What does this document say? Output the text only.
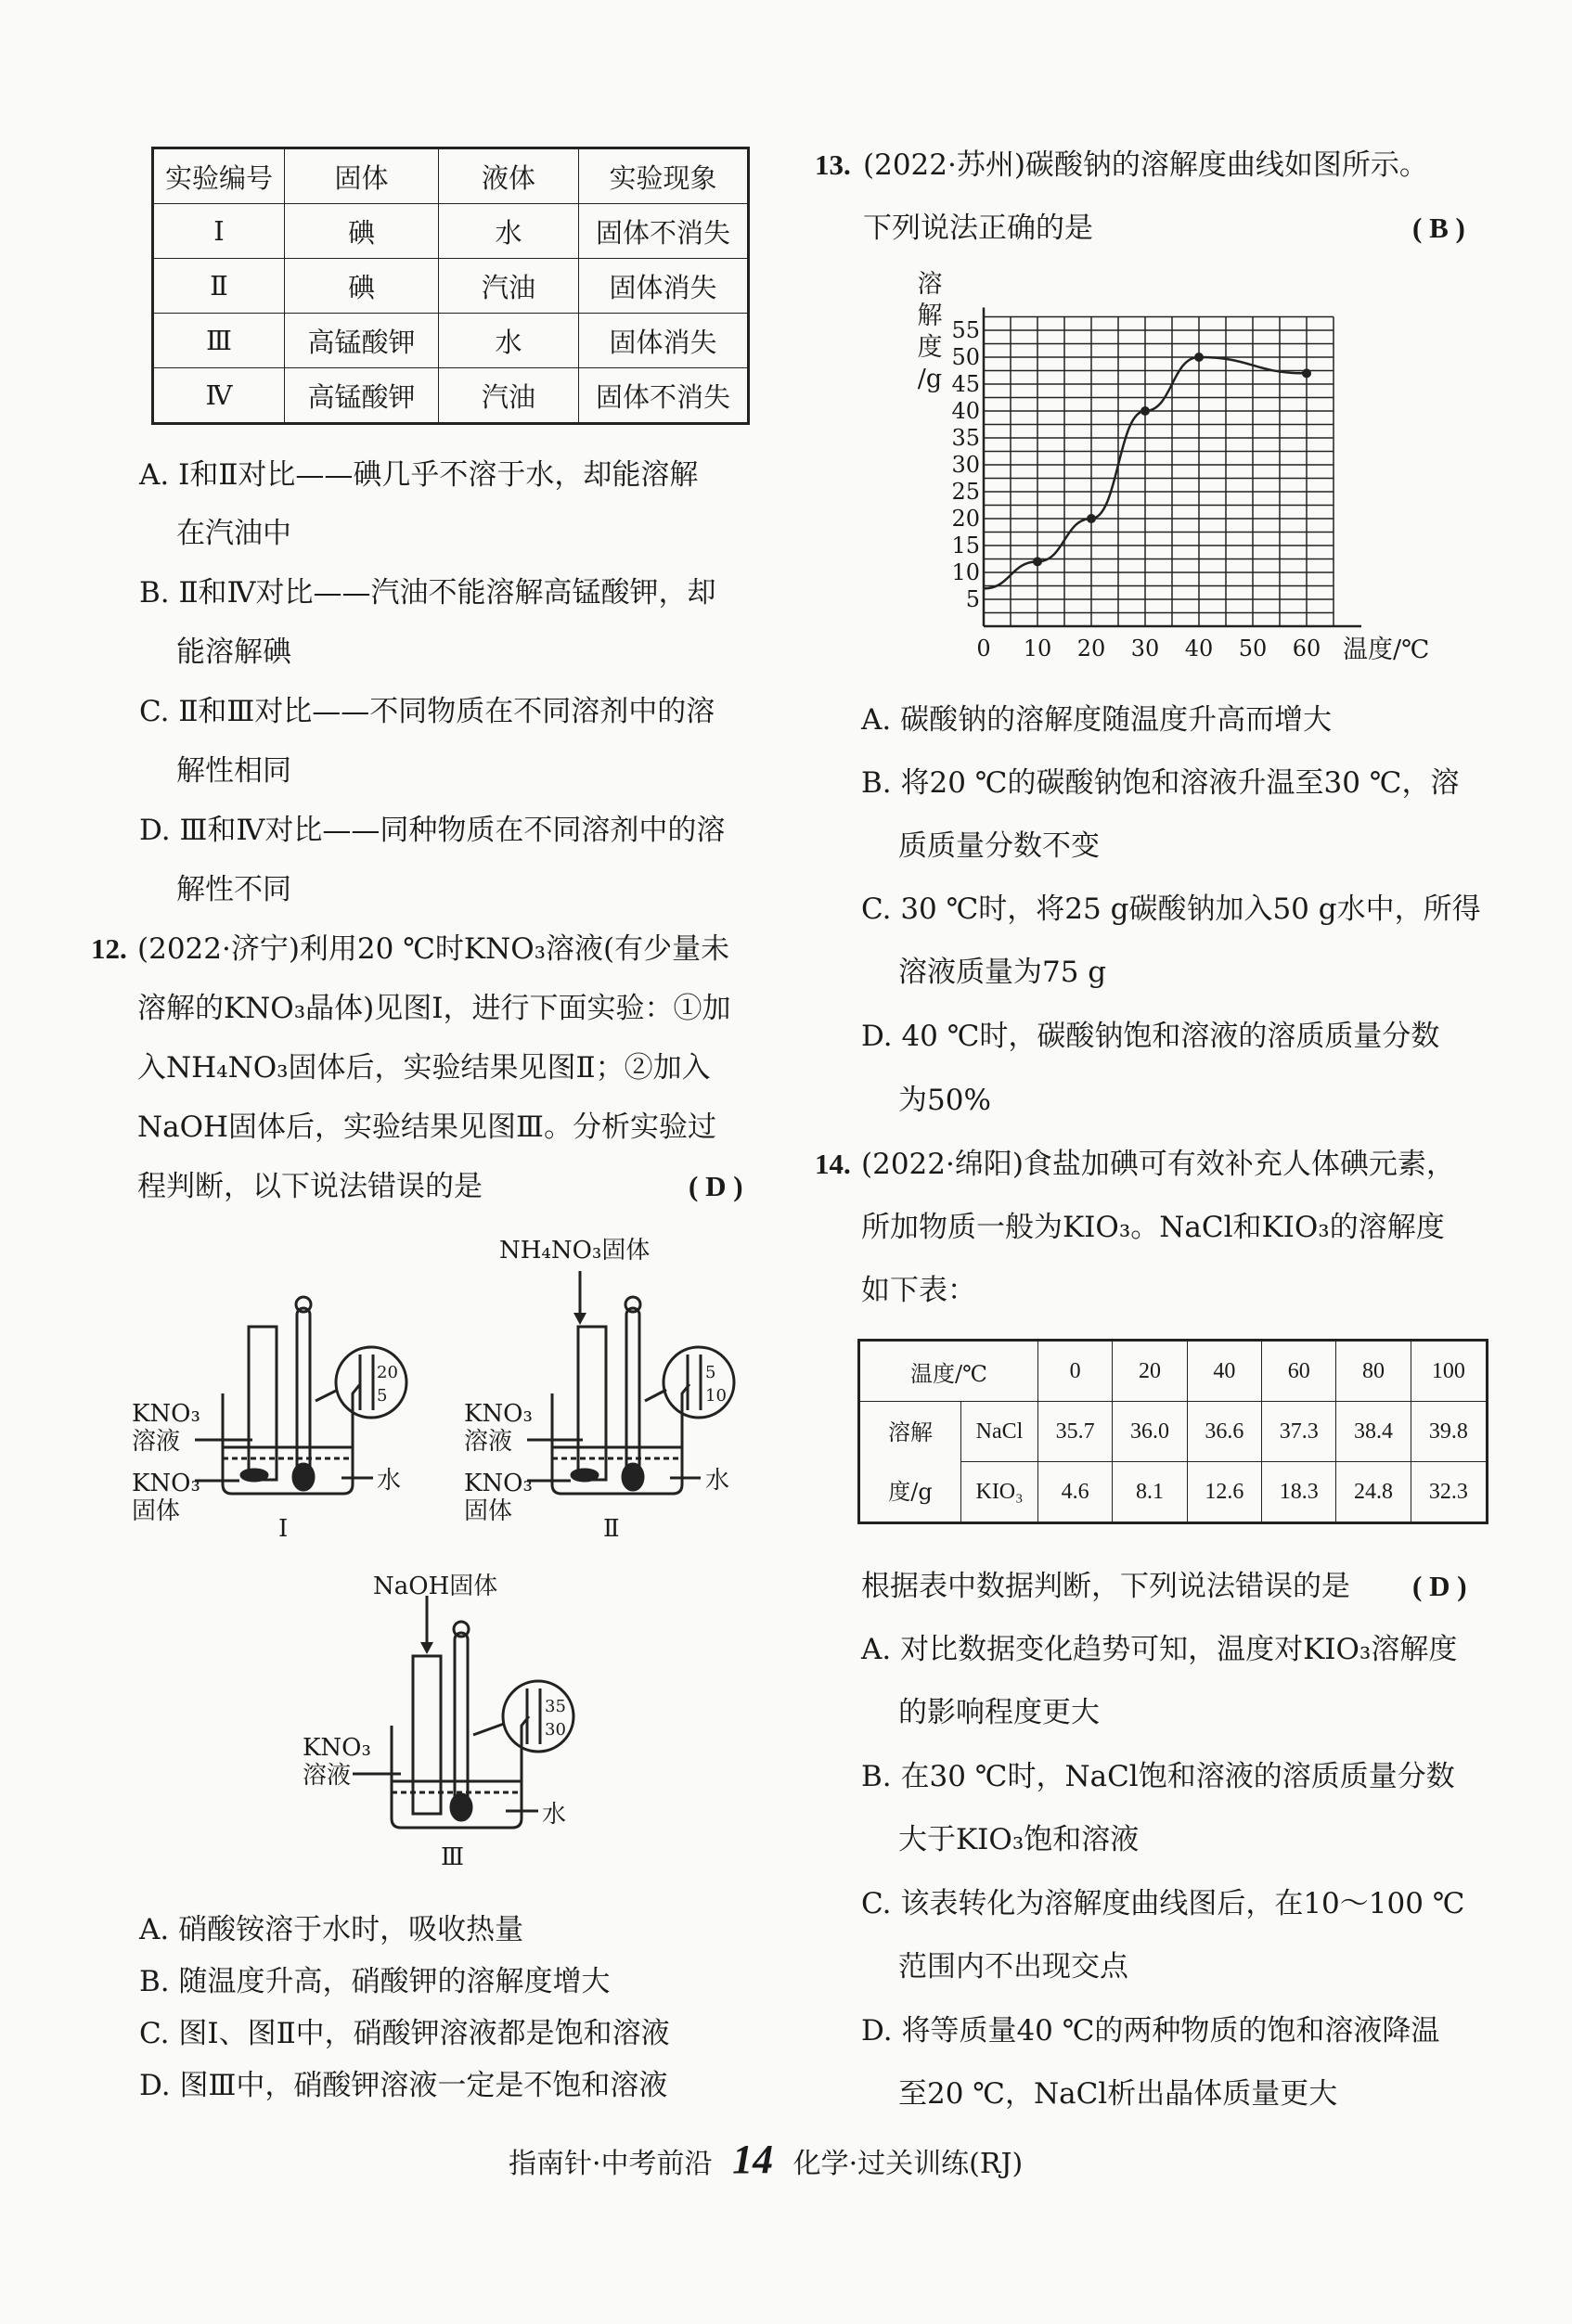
实验编号	固体	液体	实验现象
Ⅰ	碘	水	固体不消失
Ⅱ	碘	汽油	固体消失
Ⅲ	高锰酸钾	水	固体消失
Ⅳ	高锰酸钾	汽油	固体不消失
A. Ⅰ和Ⅱ对比——碘几乎不溶于水，却能溶解
在汽油中
B. Ⅱ和Ⅳ对比——汽油不能溶解高锰酸钾，却
能溶解碘
C. Ⅱ和Ⅲ对比——不同物质在不同溶剂中的溶
解性相同
D. Ⅲ和Ⅳ对比——同种物质在不同溶剂中的溶
解性不同
12. (2022·济宁)利用20 ℃时KNO₃溶液(有少量未
溶解的KNO₃晶体)见图Ⅰ，进行下面实验：①加
入NH₄NO₃固体后，实验结果见图Ⅱ；②加入
NaOH固体后，实验结果见图Ⅲ。分析实验过
程判断，以下说法错误的是	( D )
KNO₃
溶液
KNO₃
固体
水
Ⅰ
KNO₃
溶液
KNO₃
固体
水
Ⅱ
NH₄NO₃固体
KNO₃
溶液
水
Ⅲ
NaOH固体
20
5
5
10
35
30
A. 硝酸铵溶于水时，吸收热量
B. 随温度升高，硝酸钾的溶解度增大
C. 图Ⅰ、图Ⅱ中，硝酸钾溶液都是饱和溶液
D. 图Ⅲ中，硝酸钾溶液一定是不饱和溶液
13. (2022·苏州)碳酸钠的溶解度曲线如图所示。
下列说法正确的是	( B )
5
10
15
20
25
30
35
40
45
50
55
0 10 20 30 40 50 60
溶
解
度
/g
温度/℃
A. 碳酸钠的溶解度随温度升高而增大
B. 将20 ℃的碳酸钠饱和溶液升温至30 ℃，溶
质质量分数不变
C. 30 ℃时，将25 g碳酸钠加入50 g水中，所得
溶液质量为75 g
D. 40 ℃时，碳酸钠饱和溶液的溶质质量分数
为50%
14. (2022·绵阳)食盐加碘可有效补充人体碘元素，
所加物质一般为KIO₃。NaCl和KIO₃的溶解度
如下表：
温度/℃		0	20	40	60	80	100

溶解
度/g	NaCl	35.7	36.0	36.6	37.3	38.4	39.8
	KIO₃	4.6	8.1	12.6	18.3	24.8	32.3
根据表中数据判断，下列说法错误的是 ( D )
A. 对比数据变化趋势可知，温度对KIO₃溶解度
的影响程度更大
B. 在30 ℃时，NaCl饱和溶液的溶质质量分数
大于KIO₃饱和溶液
C. 该表转化为溶解度曲线图后，在10～100 ℃
范围内不出现交点
D. 将等质量40 ℃的两种物质的饱和溶液降温
至20 ℃，NaCl析出晶体质量更大
指南针·中考前沿 14 化学·过关训练(RJ)
